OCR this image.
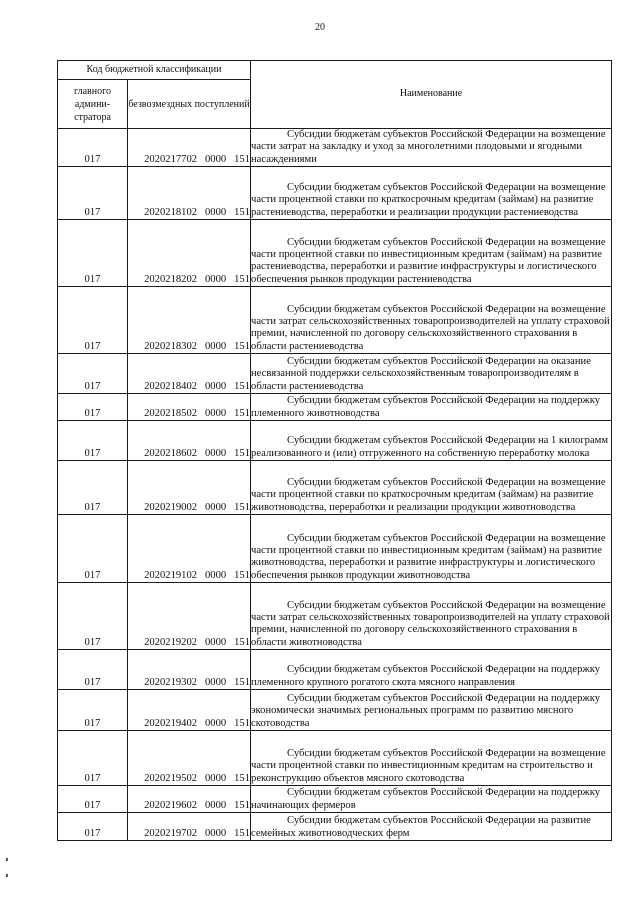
20
Код бюджетной классификации		Наименование
главного админи-стратора	безвозмездных поступлений	
017	2020217702   0000   151	Субсидии бюджетам субъектов Российской Федерации на возмещение части затрат на закладку и уход за многолетними плодовыми и ягодными насаждениями

017	2020218102   0000   151	Субсидии бюджетам субъектов Российской Федерации на возмещение части процентной ставки по краткосрочным кредитам (займам) на развитие растениеводства, переработки и реализации продукции растениеводства

017	2020218202   0000   151	Субсидии бюджетам субъектов Российской Федерации на возмещение части процентной ставки по инвестиционным кредитам (займам) на развитие растениеводства, переработки и развитие инфраструктуры и логистического обеспечения рынков продукции растениеводства

017	2020218302   0000   151	Субсидии бюджетам субъектов Российской Федерации на возмещение части затрат сельскохозяйственных товаропроизводителей на уплату страховой премии, начисленной по договору сельскохозяйственного страхования в области растениеводства

017	2020218402   0000   151	Субсидии бюджетам субъектов Российской Федерации на оказание несвязанной поддержки сельскохозяйственным товаропроизводителям в области растениеводства

017	2020218502   0000   151	Субсидии бюджетам субъектов Российской Федерации на поддержку племенного животноводства

017	2020218602   0000   151	Субсидии бюджетам субъектов Российской Федерации на 1 килограмм реализованного и (или) отгруженного на собственную переработку молока

017	2020219002   0000   151	Субсидии бюджетам субъектов Российской Федерации на возмещение части процентной ставки по краткосрочным кредитам (займам) на развитие животноводства, переработки и реализации продукции животноводства

017	2020219102   0000   151	Субсидии бюджетам субъектов Российской Федерации на возмещение части процентной ставки по инвестиционным кредитам (займам) на развитие животноводства, переработки и развитие инфраструктуры и логистического обеспечения рынков продукции животноводства

017	2020219202   0000   151	Субсидии бюджетам субъектов Российской Федерации на возмещение части затрат сельскохозяйственных товаропроизводителей на уплату страховой премии, начисленной по договору сельскохозяйственного страхования в области животноводства

017	2020219302   0000   151	Субсидии бюджетам субъектов Российской Федерации на поддержку племенного крупного рогатого скота мясного направления

017	2020219402   0000   151	Субсидии бюджетам субъектов Российской Федерации на поддержку экономически значимых региональных программ по развитию мясного скотоводства

017	2020219502   0000   151	Субсидии бюджетам субъектов Российской Федерации на возмещение части процентной ставки по инвестиционным кредитам на строительство и реконструкцию объектов мясного скотоводства

017	2020219602   0000   151	Субсидии бюджетам субъектов Российской Федерации на поддержку начинающих фермеров

017	2020219702   0000   151	Субсидии бюджетам субъектов Российской Федерации на развитие семейных животноводческих ферм
